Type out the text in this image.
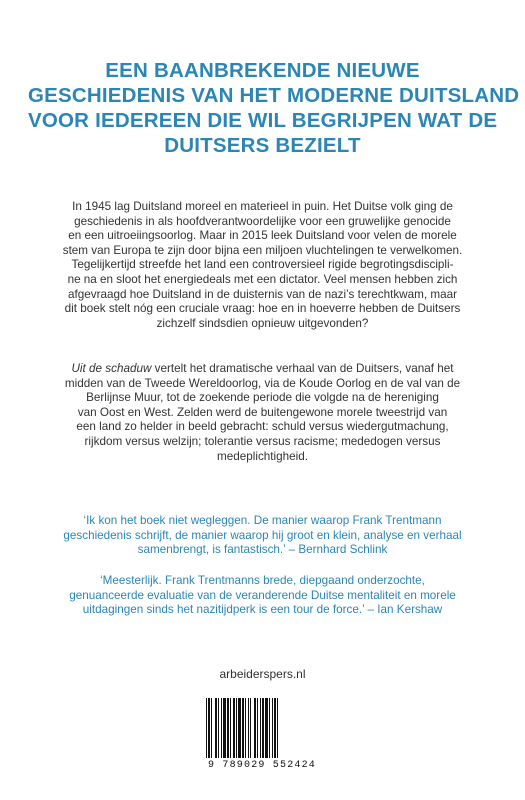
EEN BAANBREKENDE NIEUWE
GESCHIEDENIS VAN HET MODERNE DUITSLAND
VOOR IEDEREEN DIE WIL BEGRIJPEN WAT DE
DUITSERS BEZIELT

In 1945 lag Duitsland moreel en materieel in puin. Het Duitse volk ging de
geschiedenis in als hoofdverantwoordelijke voor een gruwelijke genocide
en een uitroeiingsoorlog. Maar in 2015 leek Duitsland voor velen de morele
stem van Europa te zijn door bijna een miljoen vluchtelingen te verwelkomen.
Tegelijkertijd streefde het land een controversieel rigide begrotingsdiscipli-
ne na en sloot het energiedeals met een dictator. Veel mensen hebben zich
afgevraagd hoe Duitsland in de duisternis van de nazi’s terechtkwam, maar
dit boek stelt nóg een cruciale vraag: hoe en in hoeverre hebben de Duitsers
zichzelf sindsdien opnieuw uitgevonden?

Uit de schaduw vertelt het dramatische verhaal van de Duitsers, vanaf het
midden van de Tweede Wereldoorlog, via de Koude Oorlog en de val van de
Berlijnse Muur, tot de zoekende periode die volgde na de hereniging
van Oost en West. Zelden werd de buitengewone morele tweestrijd van
een land zo helder in beeld gebracht: schuld versus wiedergutmachung,
rijkdom versus welzijn; tolerantie versus racisme; mededogen versus
medeplichtigheid.

‘Ik kon het boek niet wegleggen. De manier waarop Frank Trentmann
geschiedenis schrijft, de manier waarop hij groot en klein, analyse en verhaal
samenbrengt, is fantastisch.’ – Bernhard Schlink

‘Meesterlijk. Frank Trentmanns brede, diepgaand onderzochte,
genuanceerde evaluatie van de veranderende Duitse mentaliteit en morele
uitdagingen sinds het nazitijdperk is een tour de force.’ – Ian Kershaw

arbeiderspers.nl
9 789029 552424
